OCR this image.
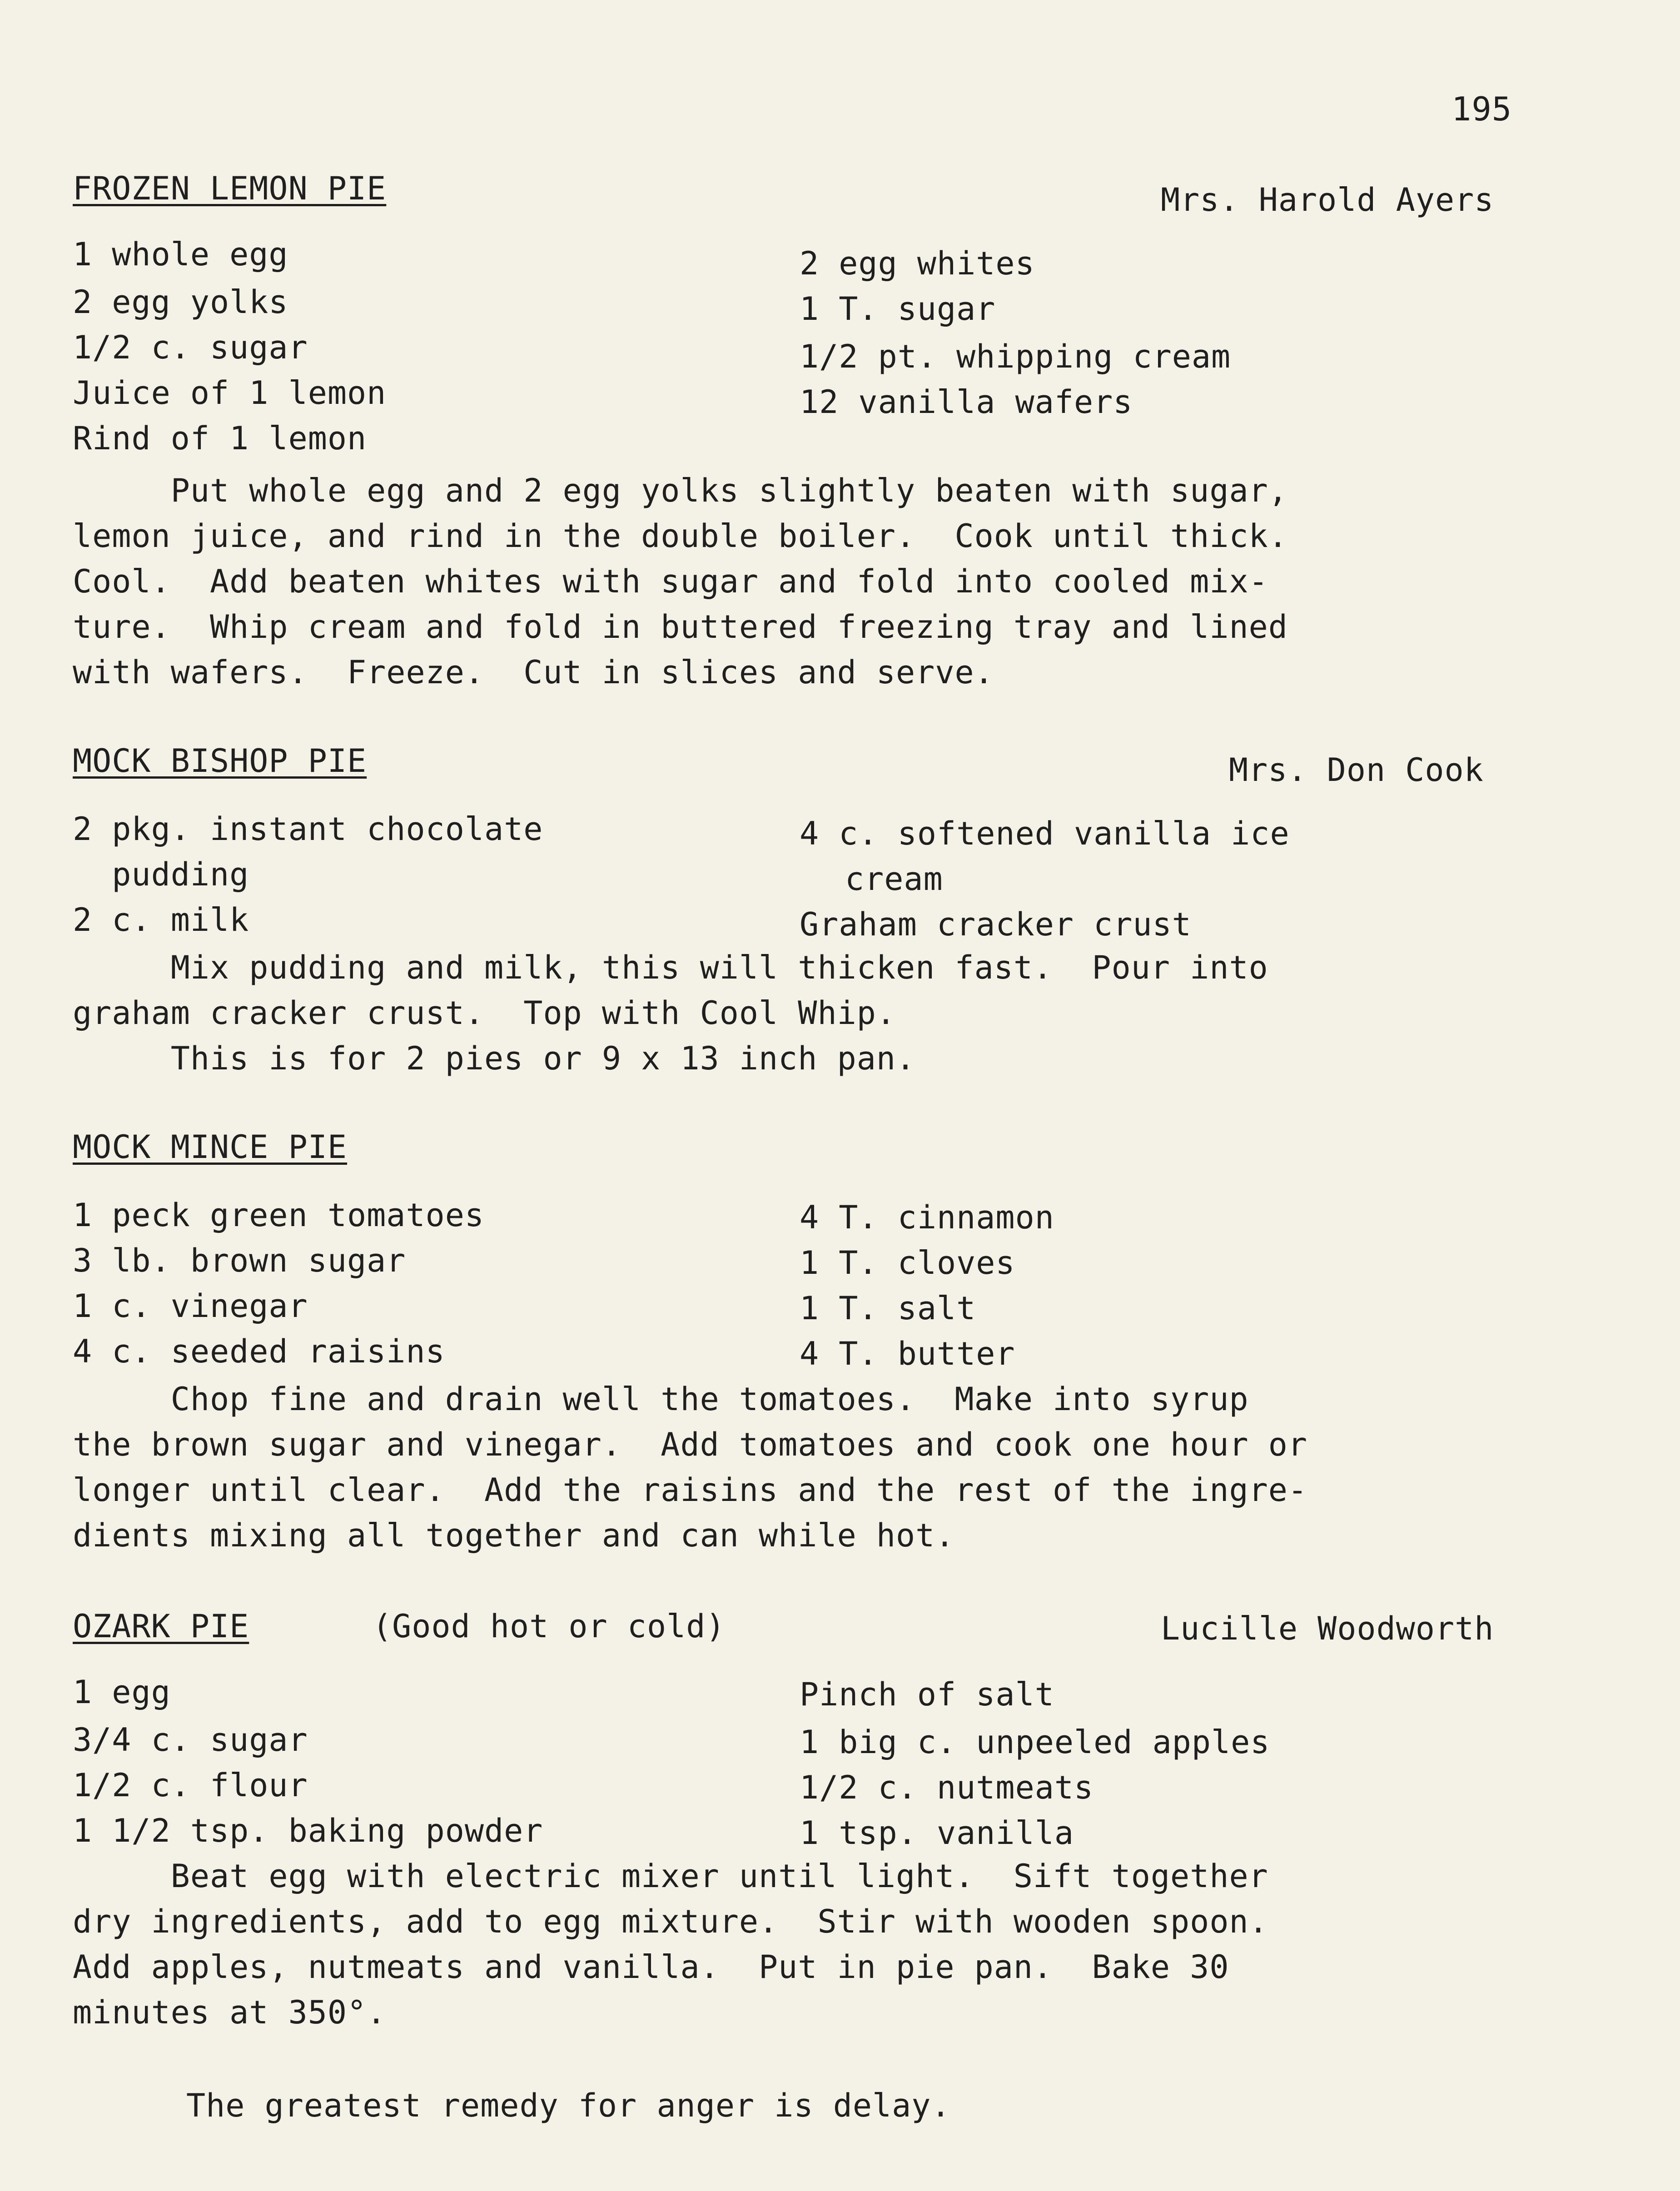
195
FROZEN LEMON PIE	Mrs. Harold Ayers
1 whole egg
2 egg yolks
1/2 c. sugar
Juice of 1 lemon
Rind of 1 lemon
2 egg whites
1 T. sugar
1/2 pt. whipping cream
12 vanilla wafers
Put whole egg and 2 egg yolks slightly beaten with sugar,
lemon juice, and rind in the double boiler.  Cook until thick.
Cool.  Add beaten whites with sugar and fold into cooled mix-
ture.  Whip cream and fold in buttered freezing tray and lined
with wafers.  Freeze.  Cut in slices and serve.
MOCK BISHOP PIE	Mrs. Don Cook
2 pkg. instant chocolate
pudding
2 c. milk
4 c. softened vanilla ice
cream
Graham cracker crust
Mix pudding and milk, this will thicken fast.  Pour into
graham cracker crust.  Top with Cool Whip.
This is for 2 pies or 9 x 13 inch pan.
MOCK MINCE PIE
1 peck green tomatoes
3 lb. brown sugar
1 c. vinegar
4 c. seeded raisins
4 T. cinnamon
1 T. cloves
1 T. salt
4 T. butter
Chop fine and drain well the tomatoes.  Make into syrup
the brown sugar and vinegar.  Add tomatoes and cook one hour or
longer until clear.  Add the raisins and the rest of the ingre-
dients mixing all together and can while hot.
OZARK PIE	(Good hot or cold)	Lucille Woodworth
1 egg
3/4 c. sugar
1/2 c. flour
1 1/2 tsp. baking powder
Pinch of salt
1 big c. unpeeled apples
1/2 c. nutmeats
1 tsp. vanilla
Beat egg with electric mixer until light.  Sift together
dry ingredients, add to egg mixture.  Stir with wooden spoon.
Add apples, nutmeats and vanilla.  Put in pie pan.  Bake 30
minutes at 350°.
The greatest remedy for anger is delay.
